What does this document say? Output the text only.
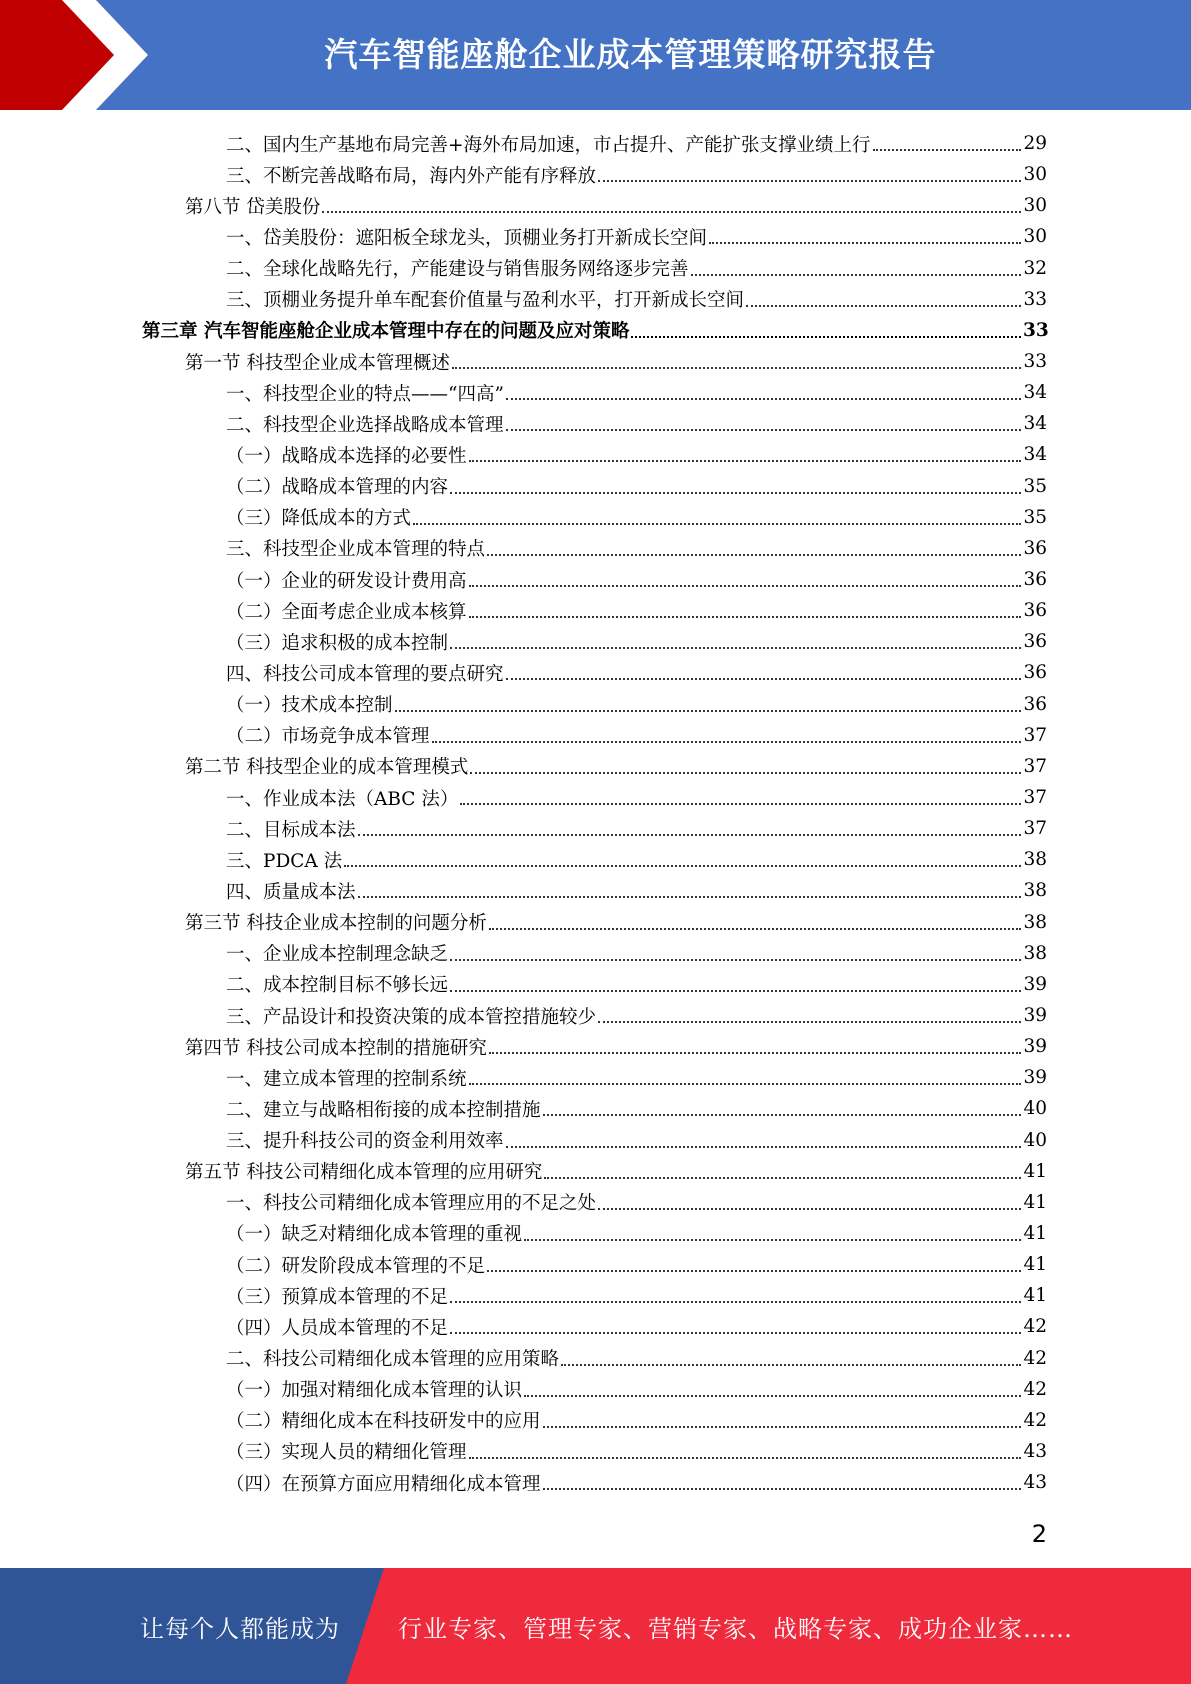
汽车智能座舱企业成本管理策略研究报告
二、国内生产基地布局完善+海外布局加速，市占提升、产能扩张支撑业绩上行	29
三、不断完善战略布局，海内外产能有序释放	30
第八节 岱美股份	30
一、岱美股份：遮阳板全球龙头，顶棚业务打开新成长空间	30
二、全球化战略先行，产能建设与销售服务网络逐步完善	32
三、顶棚业务提升单车配套价值量与盈利水平，打开新成长空间	33
第三章 汽车智能座舱企业成本管理中存在的问题及应对策略	33
第一节 科技型企业成本管理概述	33
一、科技型企业的特点——“四高”	34
二、科技型企业选择战略成本管理	34
（一）战略成本选择的必要性	34
（二）战略成本管理的内容	35
（三）降低成本的方式	35
三、科技型企业成本管理的特点	36
（一）企业的研发设计费用高	36
（二）全面考虑企业成本核算	36
（三）追求积极的成本控制	36
四、科技公司成本管理的要点研究	36
（一）技术成本控制	36
（二）市场竞争成本管理	37
第二节 科技型企业的成本管理模式	37
一、作业成本法（ABC 法）	37
二、目标成本法	37
三、PDCA 法	38
四、质量成本法	38
第三节 科技企业成本控制的问题分析	38
一、企业成本控制理念缺乏	38
二、成本控制目标不够长远	39
三、产品设计和投资决策的成本管控措施较少	39
第四节 科技公司成本控制的措施研究	39
一、建立成本管理的控制系统	39
二、建立与战略相衔接的成本控制措施	40
三、提升科技公司的资金利用效率	40
第五节 科技公司精细化成本管理的应用研究	41
一、科技公司精细化成本管理应用的不足之处	41
（一）缺乏对精细化成本管理的重视	41
（二）研发阶段成本管理的不足	41
（三）预算成本管理的不足	41
（四）人员成本管理的不足	42
二、科技公司精细化成本管理的应用策略	42
（一）加强对精细化成本管理的认识	42
（二）精细化成本在科技研发中的应用	42
（三）实现人员的精细化管理	43
（四）在预算方面应用精细化成本管理	43
2
让每个人都能成为 行业专家、管理专家、营销专家、战略专家、成功企业家……
